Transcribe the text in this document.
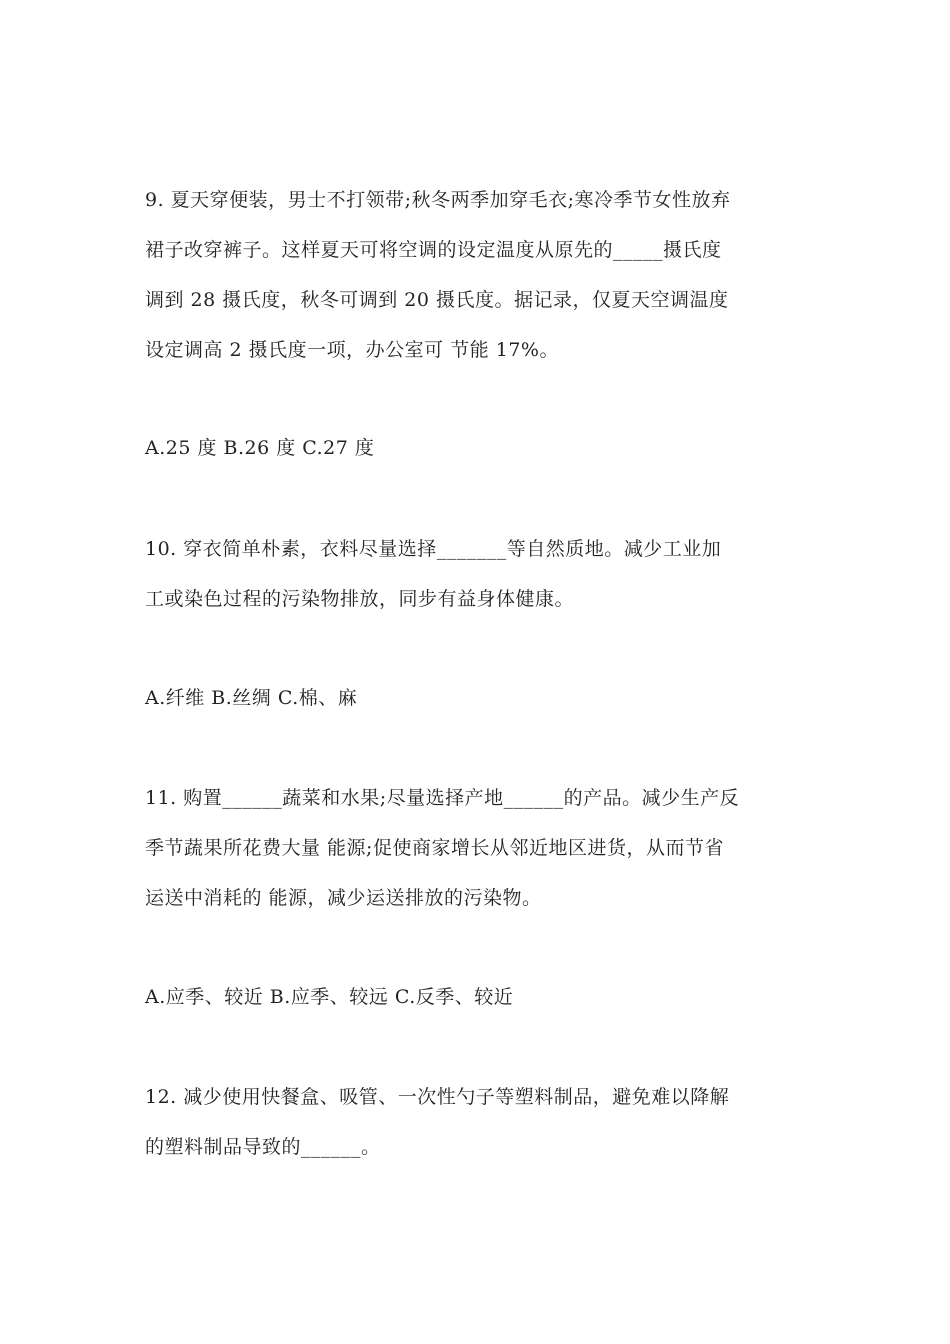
9. 夏天穿便装，男士不打领带;秋冬两季加穿毛衣;寒冷季节女性放弃
裙子改穿裤子。这样夏天可将空调的设定温度从原先的_____摄氏度
调到 28 摄氏度，秋冬可调到 20 摄氏度。据记录，仅夏天空调温度
设定调高 2 摄氏度一项，办公室可 节能 17%。
A.25 度 B.26 度 C.27 度
10. 穿衣简单朴素，衣料尽量选择_______等自然质地。减少工业加
工或染色过程的污染物排放，同步有益身体健康。
A.纤维 B.丝绸 C.棉、麻
11. 购置______蔬菜和水果;尽量选择产地______的产品。减少生产反
季节蔬果所花费大量 能源;促使商家增长从邻近地区进货，从而节省
运送中消耗的 能源，减少运送排放的污染物。
A.应季、较近 B.应季、较远 C.反季、较近
12. 减少使用快餐盒、吸管、一次性勺子等塑料制品，避免难以降解
的塑料制品导致的______。
